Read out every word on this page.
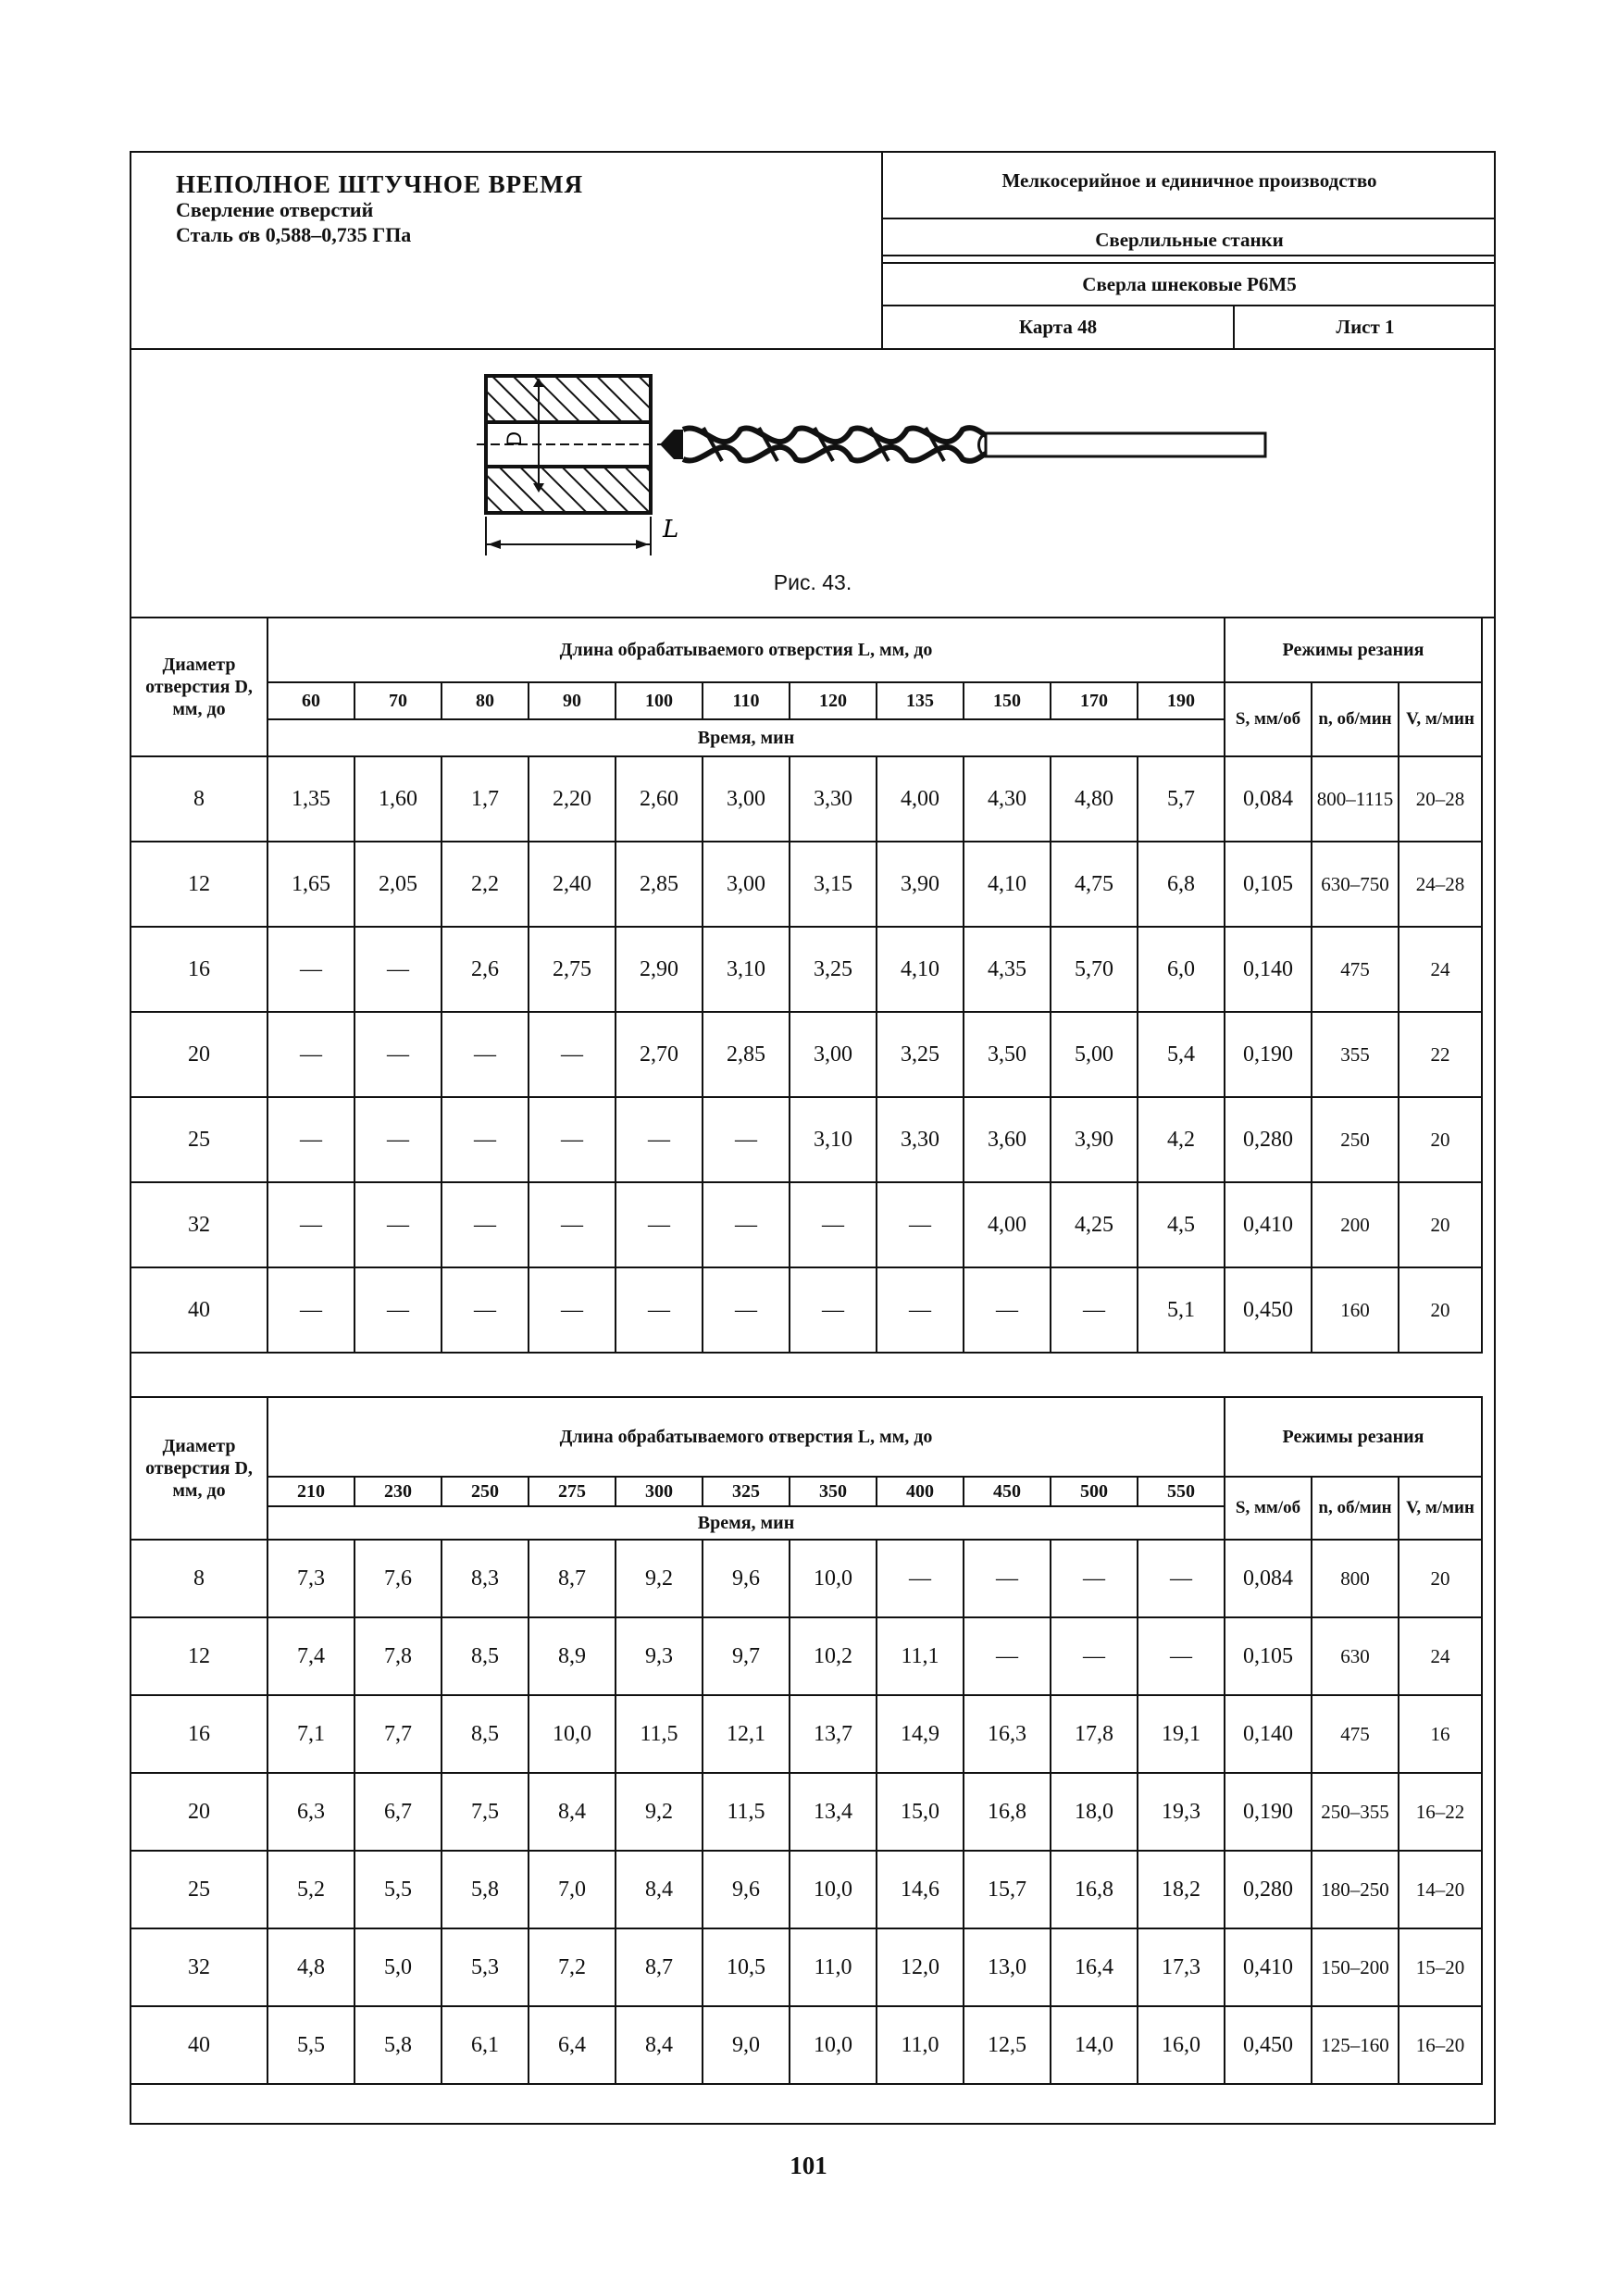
НЕПОЛНОЕ ШТУЧНОЕ ВРЕМЯ
Сверление отверстий
Сталь σв 0,588–0,735 ГПа
Мелкосерийное и единичное производство
Сверлильные станки
Сверла шнековые Р6М5
Карта 48	Лист 1
D
L
Рис. 43.
Диаметр отверстия D, мм, до	Длина обрабатываемого отверстия L, мм, до											Режимы резания		
	60	70	80	90	100	110	120	135	150	170	190	S, мм/об	n, об/мин	V, м/мин
	Время, мин													
8	1,35	1,60	1,7	2,20	2,60	3,00	3,30	4,00	4,30	4,80	5,7	0,084	800–1115	20–28
12	1,65	2,05	2,2	2,40	2,85	3,00	3,15	3,90	4,10	4,75	6,8	0,105	630–750	24–28
16	—	—	2,6	2,75	2,90	3,10	3,25	4,10	4,35	5,70	6,0	0,140	475	24
20	—	—	—	—	2,70	2,85	3,00	3,25	3,50	5,00	5,4	0,190	355	22
25	—	—	—	—	—	—	3,10	3,30	3,60	3,90	4,2	0,280	250	20
32	—	—	—	—	—	—	—	—	4,00	4,25	4,5	0,410	200	20
40	—	—	—	—	—	—	—	—	—	—	5,1	0,450	160	20
Диаметр отверстия D, мм, до	Длина обрабатываемого отверстия L, мм, до											Режимы резания		
	210	230	250	275	300	325	350	400	450	500	550	S, мм/об	n, об/мин	V, м/мин
	Время, мин													
8	7,3	7,6	8,3	8,7	9,2	9,6	10,0	—	—	—	—	0,084	800	20
12	7,4	7,8	8,5	8,9	9,3	9,7	10,2	11,1	—	—	—	0,105	630	24
16	7,1	7,7	8,5	10,0	11,5	12,1	13,7	14,9	16,3	17,8	19,1	0,140	475	16
20	6,3	6,7	7,5	8,4	9,2	11,5	13,4	15,0	16,8	18,0	19,3	0,190	250–355	16–22
25	5,2	5,5	5,8	7,0	8,4	9,6	10,0	14,6	15,7	16,8	18,2	0,280	180–250	14–20
32	4,8	5,0	5,3	7,2	8,7	10,5	11,0	12,0	13,0	16,4	17,3	0,410	150–200	15–20
40	5,5	5,8	6,1	6,4	8,4	9,0	10,0	11,0	12,5	14,0	16,0	0,450	125–160	16–20
101
